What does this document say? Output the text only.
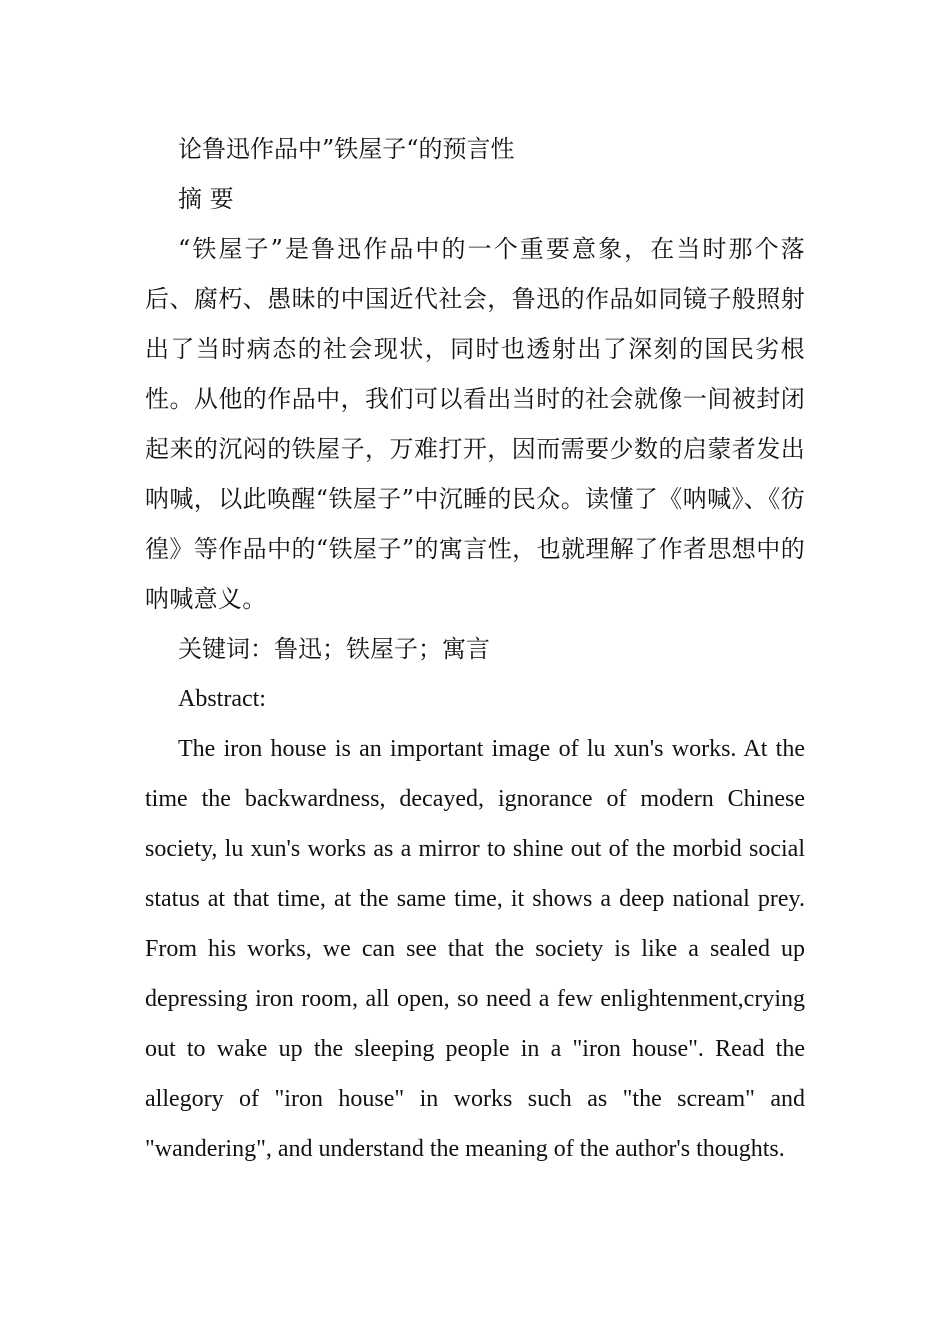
论鲁迅作品中”铁屋子“的预言性

摘 要

“铁屋子”是鲁迅作品中的一个重要意象，在当时那个落后、腐朽、愚昧的中国近代社会，鲁迅的作品如同镜子般照射出了当时病态的社会现状，同时也透射出了深刻的国民劣根性。从他的作品中，我们可以看出当时的社会就像一间被封闭起来的沉闷的铁屋子，万难打开，因而需要少数的启蒙者发出呐喊，以此唤醒“铁屋子”中沉睡的民众。读懂了《呐喊》、《彷徨》等作品中的“铁屋子”的寓言性，也就理解了作者思想中的呐喊意义。

关键词：鲁迅；铁屋子；寓言

Abstract:

The iron house is an important image of lu xun's works. At the time the backwardness, decayed, ignorance of modern Chinese society, lu xun's works as a mirror to shine out of the morbid social status at that time, at the same time, it shows a deep national prey. From his works, we can see that the society is like a sealed up depressing iron room, all open, so need a few enlightenment,crying out to wake up the sleeping people in a "iron house". Read the allegory of "iron house" in works such as "the scream" and "wandering", and understand the meaning of the author's thoughts.
